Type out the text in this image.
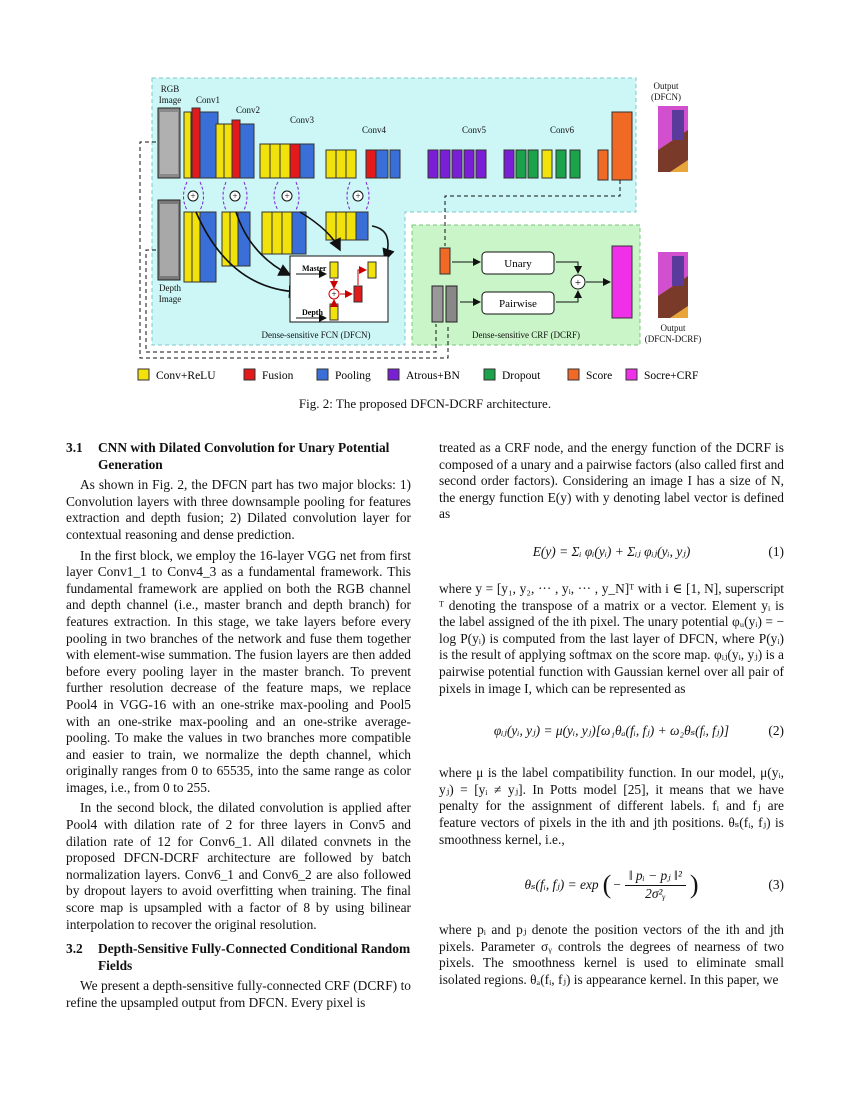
+	+	+	+
Master
Depth
+
Unary
Pairwise
+
RGB
Image
Depth
Image
Conv1
Conv2
Conv3
Conv4	Conv5	Conv6
Output
(DFCN)
Output
(DFCN-DCRF)
Dense-sensitive FCN (DFCN)	Dense-sensitive CRF (DCRF)
Conv+ReLU	Fusion	Pooling	Atrous+BN	Dropout	Score	Socre+CRF
Fig. 2: The proposed DFCN-DCRF architecture.
3.1 CNN with Dilated Convolution for Unary Potential Generation

As shown in Fig. 2, the DFCN part has two major blocks: 1) Convolution layers with three downsample pooling for features extraction and depth fusion; 2) Dilated convolution layer for contextual reasoning and dense prediction.

In the first block, we employ the 16-layer VGG net from first layer Conv1_1 to Conv4_3 as a fundamental framework. This fundamental framework are applied on both the RGB channel and depth channel (i.e., master branch and depth branch) for features extraction. In this stage, we take layers before every pooling in two branches of the network and fuse them together with element-wise summation. The fusion layers are then added before every pooling layer in the master branch. To prevent further resolution decrease of the feature maps, we replace Pool4 in VGG-16 with an one-strike max-pooling and Pool5 with an one-strike max-pooling and an one-strike average-pooling. To make the values in two branches more compatible and easier to train, we normalize the depth channel, which originally ranges from 0 to 65535, into the same range as color images, i.e., from 0 to 255.

In the second block, the dilated convolution is applied after Pool4 with dilation rate of 2 for three layers in Conv5 and dilation rate of 12 for Conv6_1. All dilated convnets in the proposed DFCN-DCRF architecture are followed by batch normalization layers. Conv6_1 and Conv6_2 are also followed by dropout layers to avoid overfitting when training. The final score map is upsampled with a factor of 8 by using bilinear interpolation to recover the original resolution.

3.2 Depth-Sensitive Fully-Connected Conditional Random Fields

We present a depth-sensitive fully-connected CRF (DCRF) to refine the upsampled output from DFCN. Every pixel is

treated as a CRF node, and the energy function of the DCRF is composed of a unary and a pairwise factors (also called first and second order factors). Considering an image I has a size of N, the energy function E(y) with y denoting label vector is defined as

E(y) = Σᵢ φᵢ(yᵢ) + Σᵢⱼ φᵢⱼ(yᵢ, yⱼ)	(1)

where y = [y₁, y₂, ··· , yᵢ, ··· , y_N]ᵀ with i ∈ [1, N], superscript ᵀ denoting the transpose of a matrix or a vector. Element yᵢ is the label assigned of the ith pixel. The unary potential φᵤ(yᵢ) = − log P(yᵢ) is computed from the last layer of DFCN, where P(yᵢ) is the result of applying softmax on the score map. φᵢⱼ(yᵢ, yⱼ) is a pairwise potential function with Gaussian kernel over all pair of pixels in image I, which can be represented as

φᵢⱼ(yᵢ, yⱼ) = μ(yᵢ, yⱼ)[ω₁θₐ(fᵢ, fⱼ) + ω₂θₛ(fᵢ, fⱼ)]	(2)

where μ is the label compatibility function. In our model, μ(yᵢ, yⱼ) = [yᵢ ≠ yⱼ]. In Potts model [25], it means that we have penalty for the assignment of different labels. fᵢ and fⱼ are feature vectors of pixels in the ith and jth positions. θₛ(fᵢ, fⱼ) is smoothness kernel, i.e.,

θₛ(fᵢ, fⱼ) = exp ( − $\frac{\text{‖ pᵢ − pⱼ ‖²}}{\text{2σ²ᵧ}}$ )	(3)

where pᵢ and pⱼ denote the position vectors of the ith and jth pixels. Parameter σᵧ controls the degrees of nearness of two pixels. The smoothness kernel is used to eliminate small isolated regions. θₐ(fᵢ, fⱼ) is appearance kernel. In this paper, we
